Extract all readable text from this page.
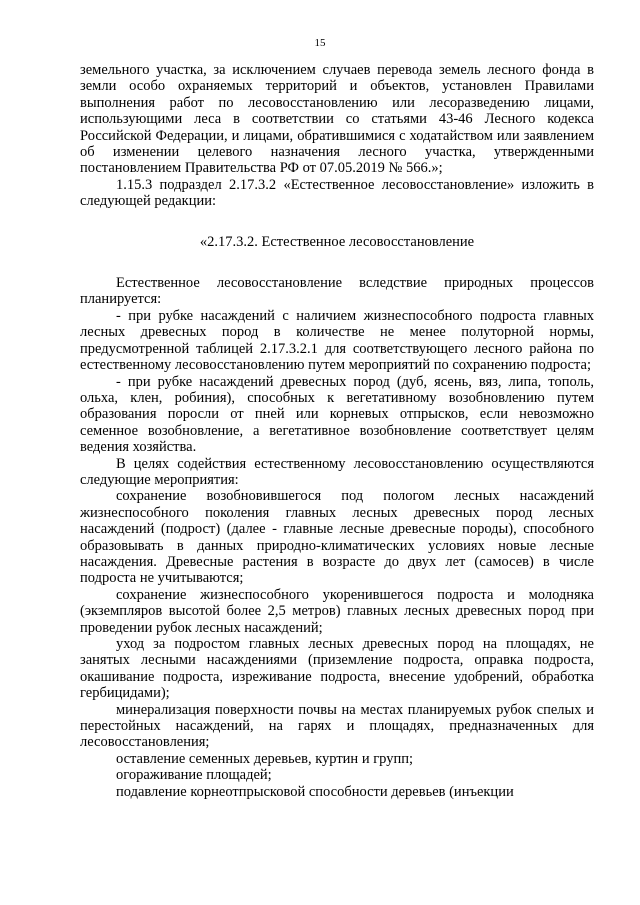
15

земельного участка, за исключением случаев перевода земель лесного фонда в земли особо охраняемых территорий и объектов, установлен Правилами выполнения работ по лесовосстановлению или лесоразведению лицами, использующими леса в соответствии со статьями 43-46 Лесного кодекса Российской Федерации, и лицами, обратившимися с ходатайством или заявлением об изменении целевого назначения лесного участка, утвержденными постановлением Правительства РФ от 07.05.2019 № 566.»;

1.15.3 подраздел 2.17.3.2 «Естественное лесовосстановление» изложить в следующей редакции:

«2.17.3.2. Естественное лесовосстановление

Естественное лесовосстановление вследствие природных процессов планируется:

- при рубке насаждений с наличием жизнеспособного подроста главных лесных древесных пород в количестве не менее полуторной нормы, предусмотренной таблицей 2.17.3.2.1 для соответствующего лесного района по естественному лесовосстановлению путем мероприятий по сохранению подроста;

- при рубке насаждений древесных пород (дуб, ясень, вяз, липа, тополь, ольха, клен, робиния), способных к вегетативному возобновлению путем образования поросли от пней или корневых отпрысков, если невозможно семенное возобновление, а вегетативное возобновление соответствует целям ведения хозяйства.

В целях содействия естественному лесовосстановлению осуществляются следующие мероприятия:

сохранение возобновившегося под пологом лесных насаждений жизнеспособного поколения главных лесных древесных пород лесных насаждений (подрост) (далее - главные лесные древесные породы), способного образовывать в данных природно-климатических условиях новые лесные насаждения. Древесные растения в возрасте до двух лет (самосев) в числе подроста не учитываются;

сохранение жизнеспособного укоренившегося подроста и молодняка (экземпляров высотой более 2,5 метров) главных лесных древесных пород при проведении рубок лесных насаждений;

уход за подростом главных лесных древесных пород на площадях, не занятых лесными насаждениями (приземление подроста, оправка подроста, окашивание подроста, изреживание подроста, внесение удобрений, обработка гербицидами);

минерализация поверхности почвы на местах планируемых рубок спелых и перестойных насаждений, на гарях и площадях, предназначенных для лесовосстановления;

оставление семенных деревьев, куртин и групп;

огораживание площадей;

подавление корнеотпрысковой способности деревьев (инъекции
